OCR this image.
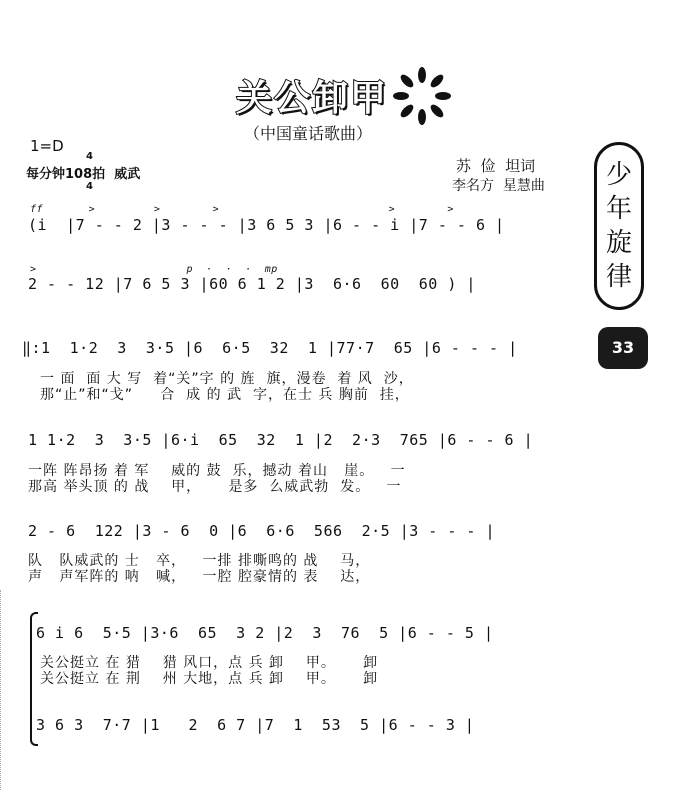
关公卸甲
（中国童话歌曲）
1=D

4

4

每分钟108拍  威武	苏  俭  坦词
李名方  星慧曲	少年旋律
33
ff       >         >        >                          >        >
(i  |7 - - 2 |3 - - - |3 6 5 3 |6 - - i |7 - - 6 |
>                       p  ·  ·  ·  mp
2 - - 12 |7 6 5 3 |60 6 1 2 |3  6·6  60  60 ) |
‖:1  1·2  3  3·5 |6  6·5  32  1 |77·7  65 |6 - - - |
一 面  面 大 写  着“关”字 的 旌  旗，漫卷  着 风  沙，
那“止”和“戈”     合  成 的 武  字，在士 兵 胸前  挂，
1 1·2  3  3·5 |6·i  65  32  1 |2  2·3  765 |6 - - 6 |
一阵 阵昂扬 着 军    威的 鼓  乐，撼动 着山   崖。   一
那高 举头顶 的 战    甲，     是多  么威武勃  发。   一
2 - 6  122 |3 - 6  0 |6  6·6  566  2·5 |3 - - - |
队   队威武的 士   卒，   一排 排嘶鸣的 战    马，
声   声军阵的 呐   喊，   一腔 腔豪情的 表    达，
6 i 6  5·5 |3·6  65  3 2 |2  3  76  5 |6 - - 5 |
关公挺立 在 猎    猎 风口，点 兵 卸    甲。     卸
关公挺立 在 荆    州 大地，点 兵 卸    甲。     卸
3 6 3  7·7 |1   2  6 7 |7  1  53  5 |6 - - 3 |
